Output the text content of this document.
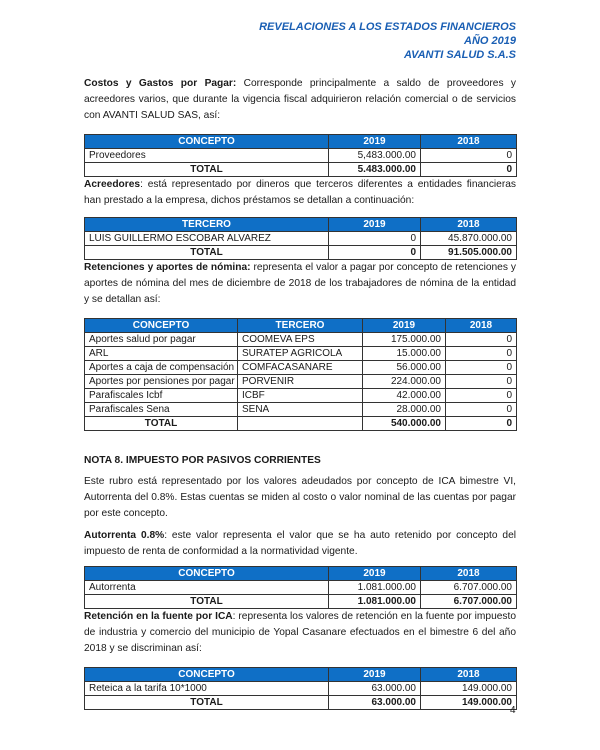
REVELACIONES A LOS ESTADOS FINANCIEROS
AÑO 2019
AVANTI SALUD S.A.S

Costos y Gastos por Pagar: Corresponde principalmente a saldo de proveedores y acreedores varios, que durante la vigencia fiscal adquirieron relación comercial o de servicios con AVANTI SALUD SAS, así:

CONCEPTO	2019	2018
Proveedores	5,483.000.00	0
TOTAL	5.483.000.00	0

Acreedores: está representado por dineros que terceros diferentes a entidades financieras han prestado a la empresa, dichos préstamos se detallan a continuación:

TERCERO	2019	2018
LUIS GUILLERMO ESCOBAR ALVAREZ	0	45.870.000.00
TOTAL	0	91.505.000.00

Retenciones y aportes de nómina: representa el valor a pagar por concepto de retenciones y aportes de nómina del mes de diciembre de 2018 de los trabajadores de nómina de la entidad y se detallan así:

CONCEPTO	TERCERO	2019	2018
Aportes salud por pagar	COOMEVA EPS	175.000.00	0
ARL	SURATEP AGRICOLA	15.000.00	0
Aportes a caja de compensación	COMFACASANARE	56.000.00	0
Aportes por pensiones por pagar	PORVENIR	224.000.00	0
Parafiscales Icbf	ICBF	42.000.00	0
Parafiscales Sena	SENA	28.000.00	0
TOTAL		540.000.00	0

NOTA 8. IMPUESTO POR PASIVOS CORRIENTES

Este rubro está representado por los valores adeudados por concepto de ICA bimestre VI, Autorrenta del 0.8%. Estas cuentas se miden al costo o valor nominal de las cuentas por pagar por este concepto.

Autorrenta 0.8%: este valor representa el valor que se ha auto retenido por concepto del impuesto de renta de conformidad a la normatividad vigente.

CONCEPTO	2019	2018
Autorrenta	1.081.000.00	6.707.000.00
TOTAL	1.081.000.00	6.707.000.00

Retención en la fuente por ICA: representa los valores de retención en la fuente por impuesto de industria y comercio del municipio de Yopal Casanare efectuados en el bimestre 6 del año 2018 y se discriminan así:

CONCEPTO	2019	2018
Reteica a la tarifa 10*1000	63.000.00	149.000.00
TOTAL	63.000.00	149.000.00
4
